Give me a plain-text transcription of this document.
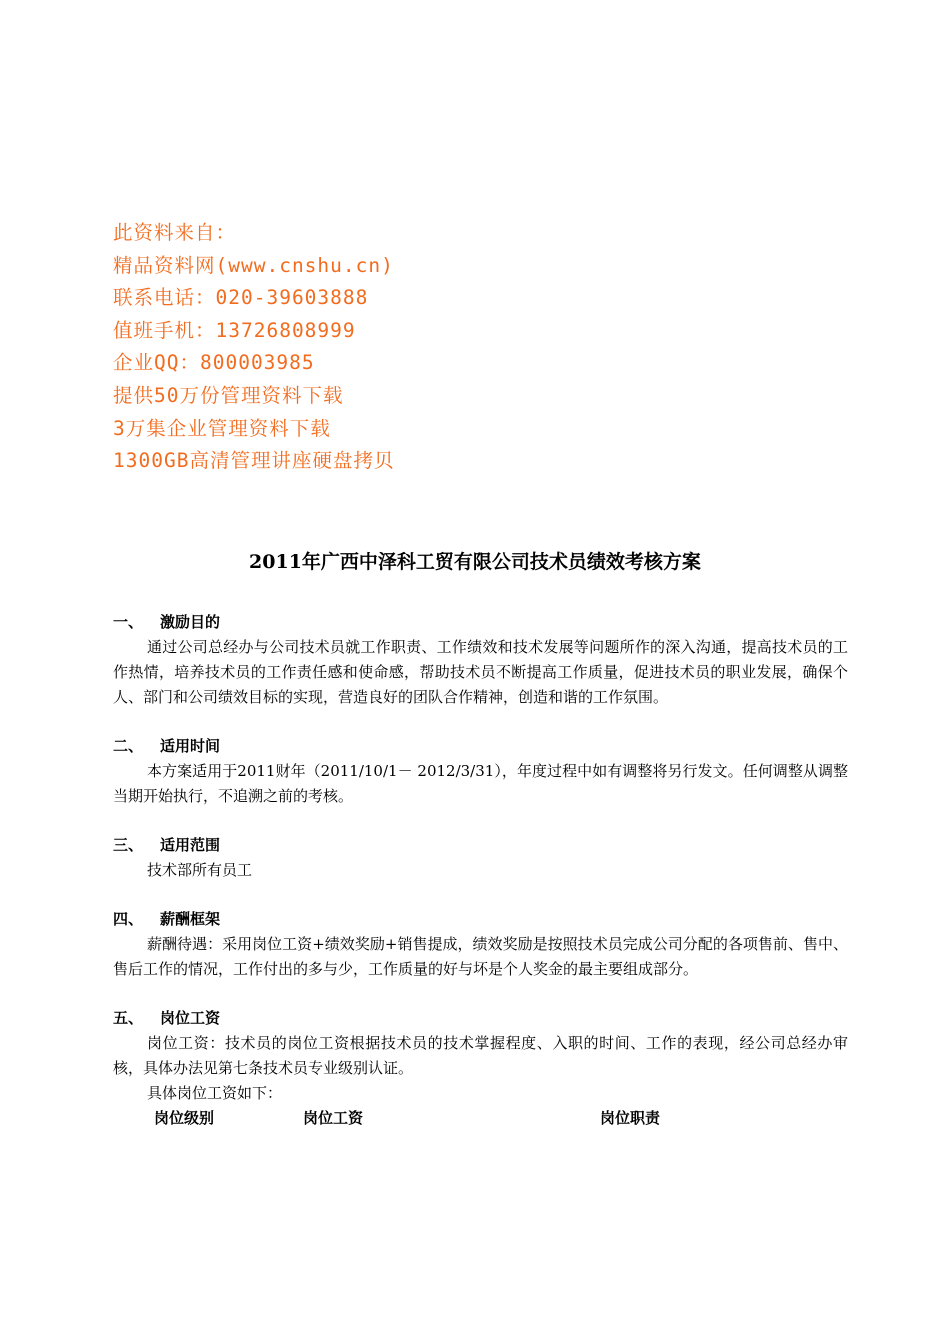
此资料来自：
精品资料网(www.cnshu.cn)
联系电话：020-39603888
值班手机：13726808999
企业QQ：800003985
提供50万份管理资料下载
3万集企业管理资料下载
1300GB高清管理讲座硬盘拷贝
2011年广西中泽科工贸有限公司技术员绩效考核方案
一、	激励目的

通过公司总经办与公司技术员就工作职责、工作绩效和技术发展等问题所作的深入沟通，提高技术员的工作热情，培养技术员的工作责任感和使命感，帮助技术员不断提高工作质量，促进技术员的职业发展，确保个人、部门和公司绩效目标的实现，营造良好的团队合作精神，创造和谐的工作氛围。

二、	适用时间

本方案适用于2011财年（2011/10/1－ 2012/3/31），年度过程中如有调整将另行发文。任何调整从调整当期开始执行，不追溯之前的考核。

三、	适用范围

技术部所有员工

四、	薪酬框架

薪酬待遇：采用岗位工资+绩效奖励+销售提成，绩效奖励是按照技术员完成公司分配的各项售前、售中、售后工作的情况，工作付出的多与少，工作质量的好与坏是个人奖金的最主要组成部分。

五、	岗位工资

岗位工资：技术员的岗位工资根据技术员的技术掌握程度、入职的时间、工作的表现，经公司总经办审核，具体办法见第七条技术员专业级别认证。

具体岗位工资如下：

岗位级别	岗位工资	岗位职责
